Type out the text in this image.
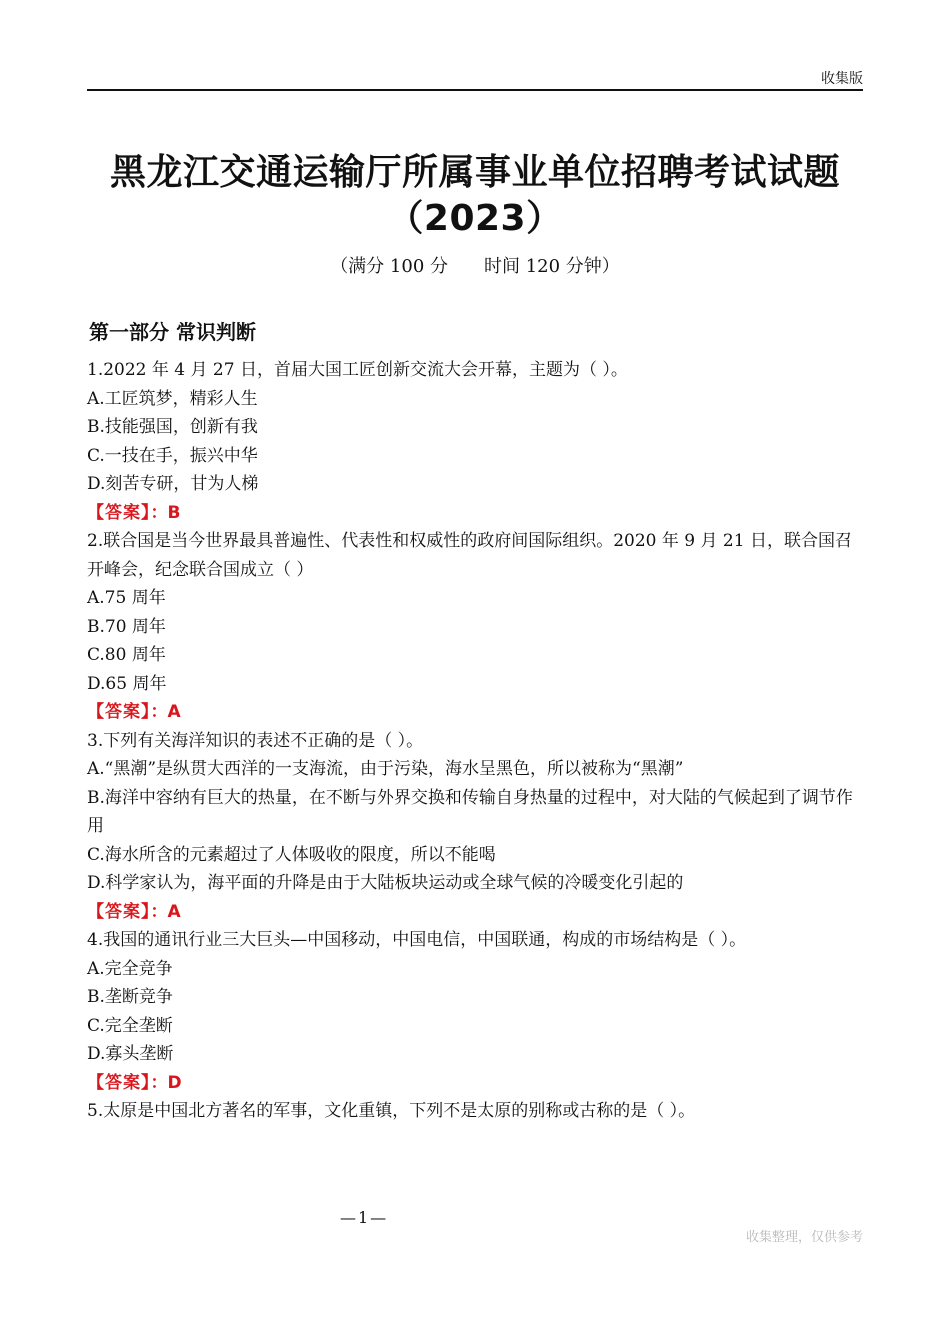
收集版
黑龙江交通运输厅所属事业单位招聘考试试题
（2023）
（满分 100 分 时间 120 分钟）
第一部分 常识判断

1.2022 年 4 月 27 日，首届大国工匠创新交流大会开幕，主题为（ ）。

A.工匠筑梦，精彩人生

B.技能强国，创新有我

C.一技在手，振兴中华

D.刻苦专研，甘为人梯

【答案】：B

2.联合国是当今世界最具普遍性、代表性和权威性的政府间国际组织。2020 年 9 月 21 日，联合国召开峰会，纪念联合国成立（ ）

A.75 周年

B.70 周年

C.80 周年

D.65 周年

【答案】：A

3.下列有关海洋知识的表述不正确的是（ ）。

A.“黑潮”是纵贯大西洋的一支海流，由于污染，海水呈黑色，所以被称为“黑潮”

B.海洋中容纳有巨大的热量，在不断与外界交换和传输自身热量的过程中，对大陆的气候起到了调节作用

C.海水所含的元素超过了人体吸收的限度，所以不能喝

D.科学家认为，海平面的升降是由于大陆板块运动或全球气候的冷暖变化引起的

【答案】：A

4.我国的通讯行业三大巨头—中国移动，中国电信，中国联通，构成的市场结构是（ ）。

A.完全竞争

B.垄断竞争

C.完全垄断

D.寡头垄断

【答案】：D

5.太原是中国北方著名的军事，文化重镇，下列不是太原的别称或古称的是（ ）。

—1—
收集整理，仅供参考
